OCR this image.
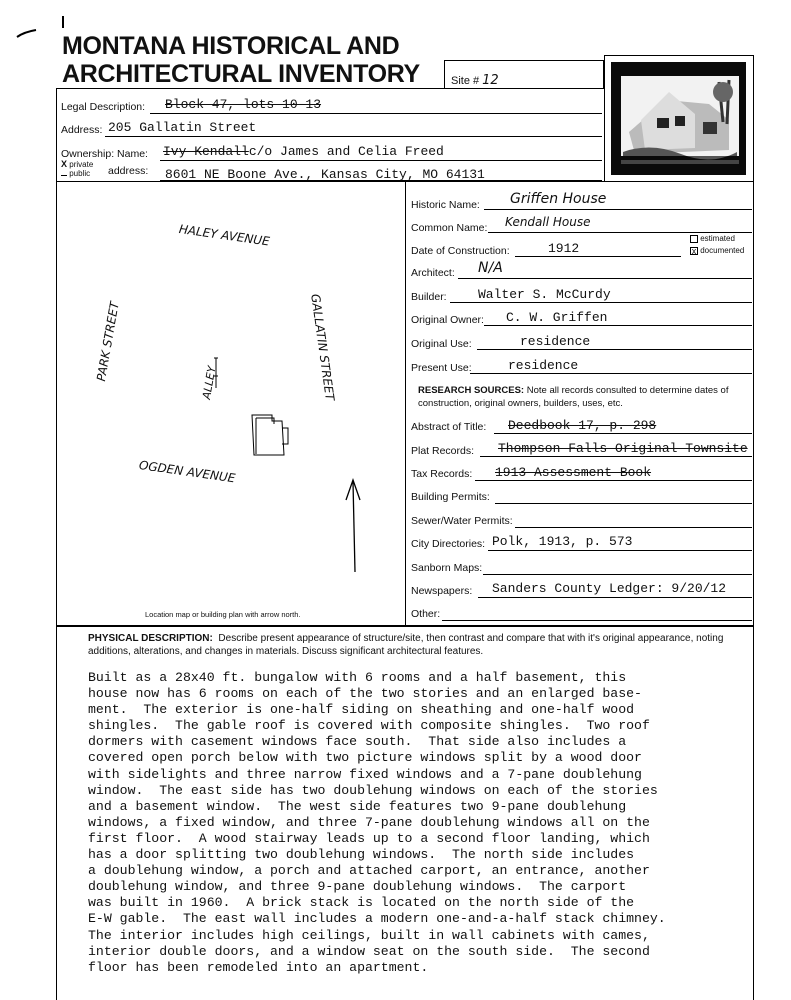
MONTANA HISTORICAL AND
ARCHITECTURAL INVENTORY	Site # 12
Legal Description: Block 47, lots 10-13
Address: 205 Gallatin Street
Ownership: Name: Ivy Kendallc/o James and Celia Freed
X private
public address: 8601 NE Boone Ave., Kansas City, MO 64131
HALEY AVENUE
PARK STREET	GALLATIN STREET
ALLEY
OGDEN AVENUE
Location map or building plan with arrow north.
Historic Name: Griffen House
Common Name: Kendall House
Date of Construction:	1912
estimated
x documented
Architect: N/A
Builder: Walter S. McCurdy
Original Owner: C. W. Griffen
Original Use:	residence
Present Use:	residence
RESEARCH SOURCES: Note all records consulted to determine dates of construction, original owners, builders, uses, etc.
Abstract of Title: Deedbook 17, p. 298
Plat Records: Thompson Falls Original Townsite
Tax Records: 1913 Assessment Book
Building Permits:
Sewer/Water Permits:
City Directories: Polk, 1913, p. 573
Sanborn Maps:
Newspapers: Sanders County Ledger: 9/20/12
Other:
PHYSICAL DESCRIPTION: Describe present appearance of structure/site, then contrast and compare that with it's original appearance, noting additions, alterations, and changes in materials. Discuss significant architectural features.
Built as a 28x40 ft. bungalow with 6 rooms and a half basement, this
house now has 6 rooms on each of the two stories and an enlarged base-
ment.  The exterior is one-half siding on sheathing and one-half wood
shingles.  The gable roof is covered with composite shingles.  Two roof
dormers with casement windows face south.  That side also includes a
covered open porch below with two picture windows split by a wood door
with sidelights and three narrow fixed windows and a 7-pane doublehung
window.  The east side has two doublehung windows on each of the stories
and a basement window.  The west side features two 9-pane doublehung
windows, a fixed window, and three 7-pane doublehung windows all on the
first floor.  A wood stairway leads up to a second floor landing, which
has a door splitting two doublehung windows.  The north side includes
a doublehung window, a porch and attached carport, an entrance, another
doublehung window, and three 9-pane doublehung windows.  The carport
was built in 1960.  A brick stack is located on the north side of the
E-W gable.  The east wall includes a modern one-and-a-half stack chimney.
The interior includes high ceilings, built in wall cabinets with cames,
interior double doors, and a window seat on the south side.  The second
floor has been remodeled into an apartment.
